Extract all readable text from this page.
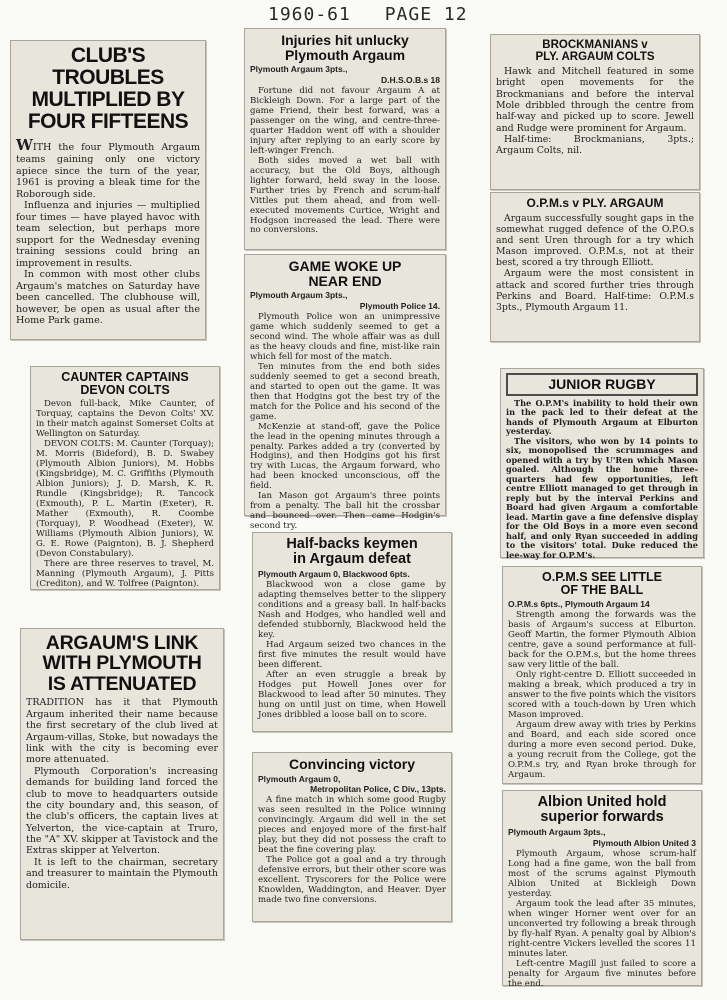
1960-61 PAGE 12
CLUB'S TROUBLES
MULTIPLIED BY
FOUR FIFTEENS

WITH the four Plymouth Argaum teams gaining only one victory apiece since the turn of the year, 1961 is proving a bleak time for the Roborough side.

Influenza and injuries — multiplied four times — have played havoc with team selection, but perhaps more support for the Wednesday evening training sessions could bring an improvement in results.

In common with most other clubs Argaum's matches on Saturday have been cancelled. The clubhouse will, however, be open as usual after the Home Park game.

Injuries hit unlucky
Plymouth Argaum
Plymouth Argaum 3pts.,
D.H.S.O.B.s 18

Fortune did not favour Argaum A at Bickleigh Down. For a large part of the game Friend, their best forward, was a passenger on the wing, and centre-three-quarter Haddon went off with a shoulder injury after replying to an early score by left-winger French.

Both sides moved a wet ball with accuracy, but the Old Boys, although lighter forward, held sway in the loose. Further tries by French and scrum-half Vittles put them ahead, and from well-executed movements Curtice, Wright and Hodgson increased the lead. There were no conversions.

BROCKMANIANS v
PLY. ARGAUM COLTS

Hawk and Mitchell featured in some bright open movements for the Brockmanians and before the interval Mole dribbled through the centre from half-way and picked up to score. Jewell and Rudge were prominent for Argaum.

Half-time: Brockmanians, 3pts.; Argaum Colts, nil.

O.P.M.s v PLY. ARGAUM

Argaum successfully sought gaps in the somewhat rugged defence of the O.P.O.s and sent Uren through for a try which Mason improved. O.P.M.s, not at their best, scored a try through Elliott.

Argaum were the most consistent in attack and scored further tries through Perkins and Board. Half-time: O.P.M.s 3pts., Plymouth Argaum 11.

GAME WOKE UP
NEAR END
Plymouth Argaum 3pts.,
Plymouth Police 14.

Plymouth Police won an unimpressive game which suddenly seemed to get a second wind. The whole affair was as dull as the heavy clouds and fine, mist-like rain which fell for most of the match.

Ten minutes from the end both sides suddenly seemed to get a second breath, and started to open out the game. It was then that Hodgins got the best try of the match for the Police and his second of the game.

McKenzie at stand-off, gave the Police the lead in the opening minutes through a penalty. Parkes added a try (converted by Hodgins), and then Hodgins got his first try with Lucas, the Argaum forward, who had been knocked unconscious, off the field.

Ian Mason got Argaum's three points from a penalty. The ball hit the crossbar and bounced over. Then came Hodgin's second try.

CAUNTER CAPTAINS
DEVON COLTS

Devon full-back, Mike Caunter, of Torquay, captains the Devon Colts' XV. in their match against Somerset Colts at Wellington on Saturday.

DEVON COLTS: M. Caunter (Torquay); M. Morris (Bideford), B. D. Swabey (Plymouth Albion Juniors), M. Hobbs (Kingsbridge), M. C. Griffiths (Plymouth Albion Juniors); J. D. Marsh, K. R. Rundle (Kingsbridge); R. Tancock (Exmouth), P. L. Martin (Exeter), R. Mather (Exmouth), R. Coombe (Torquay), P. Woodhead (Exeter), W. Williams (Plymouth Albion Juniors), W. G. E. Rowe (Paignton), B. J. Shepherd (Devon Constabulary).

There are three reserves to travel, M. Manning (Plymouth Argaum), J. Pitts (Crediton), and W. Tolfree (Paignton).

JUNIOR RUGBY

The O.P.M's inability to hold their own in the pack led to their defeat at the hands of Plymouth Argaum at Elburton yesterday.

The visitors, who won by 14 points to six, monopolised the scrummages and opened with a try by U'Ren which Mason goaled. Although the home three-quarters had few opportunities, left centre Elliott managed to get through in reply but by the interval Perkins and Board had given Argaum a comfortable lead. Martin gave a fine defensive display for the Old Boys in a more even second half, and only Ryan succeeded in adding to the visitors' total. Duke reduced the lee-way for O.P.M's.

Half-backs keymen
in Argaum defeat
Plymouth Argaum 0, Blackwood 6pts.

Blackwood won a close game by adapting themselves better to the slippery conditions and a greasy ball. In half-backs Nash and Hodges, who handled well and defended stubbornly, Blackwood held the key.

Had Argaum seized two chances in the first five minutes the result would have been different.

After an even struggle a break by Hodges put Howell Jones over for Blackwood to lead after 50 minutes. They hung on until just on time, when Howell Jones dribbled a loose ball on to score.

O.P.M.S SEE LITTLE
OF THE BALL
O.P.M.s 6pts., Plymouth Argaum 14

Strength among the forwards was the basis of Argaum's success at Elburton. Geoff Martin, the former Plymouth Albion centre, gave a sound performance at full-back for the O.P.M.s, but the home threes saw very little of the ball.

Only right-centre D. Elliott succeeded in making a break, which produced a try in answer to the five points which the visitors scored with a touch-down by Uren which Mason improved.

Argaum drew away with tries by Perkins and Board, and each side scored once during a more even second period. Duke, a young recruit from the College, got the O.P.M.s try, and Ryan broke through for Argaum.

ARGAUM'S LINK
WITH PLYMOUTH
IS ATTENUATED

TRADITION has it that Plymouth Argaum inherited their name because the first secretary of the club lived at Argaum-villas, Stoke, but nowadays the link with the city is becoming ever more attenuated.

Plymouth Corporation's increasing demands for building land forced the club to move to headquarters outside the city boundary and, this season, of the club's officers, the captain lives at Yelverton, the vice-captain at Truro, the "A" XV. skipper at Tavistock and the Extras skipper at Yelverton.

It is left to the chairman, secretary and treasurer to maintain the Plymouth domicile.

Convincing victory
Plymouth Argaum 0,
Metropolitan Police, C Div., 13pts.

A fine match in which some good Rugby was seen resulted in the Police winning convincingly. Argaum did well in the set pieces and enjoyed more of the first-half play, but they did not possess the craft to beat the fine covering play.

The Police got a goal and a try through defensive errors, but their other score was excellent. Tryscorers for the Police were Knowlden, Waddington, and Heaver. Dyer made two fine conversions.

Albion United hold
superior forwards
Plymouth Argaum 3pts.,
Plymouth Albion United 3

Plymouth Argaum, whose scrum-half Long had a fine game, won the ball from most of the scrums against Plymouth Albion United at Bickleigh Down yesterday.

Argaum took the lead after 35 minutes, when winger Horner went over for an unconverted try following a break through by fly-half Ryan. A penalty goal by Albion's right-centre Vickers levelled the scores 11 minutes later.

Left-centre Magill just failed to score a penalty for Argaum five minutes before the end.
